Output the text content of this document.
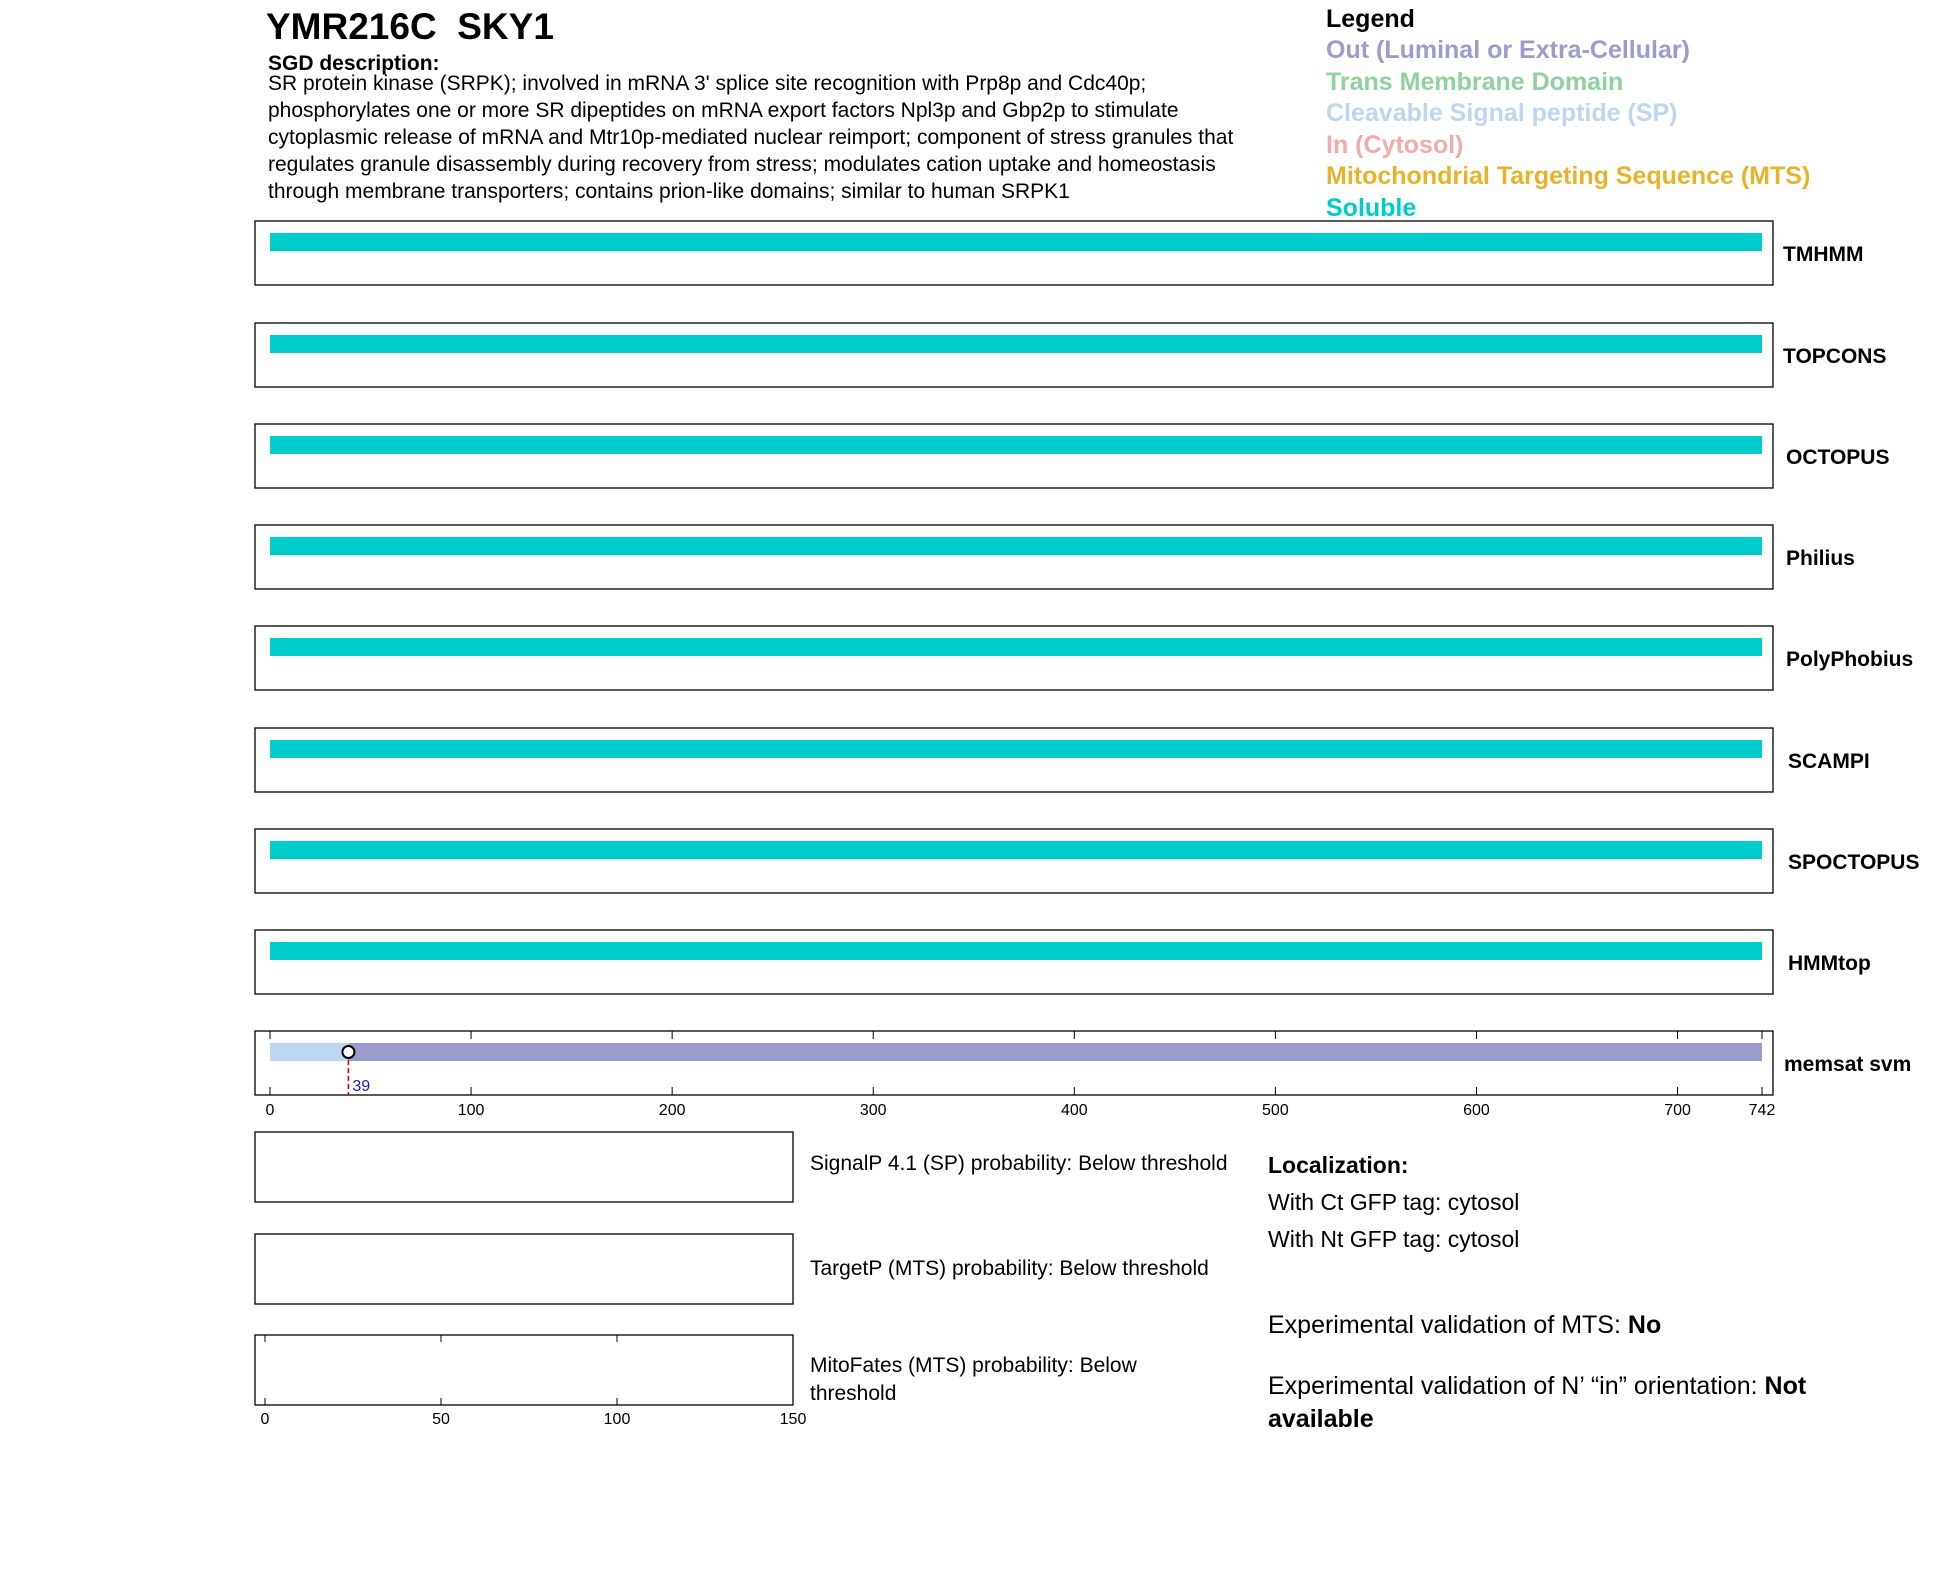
YMR216C SKY1
SGD description:
SR protein kinase (SRPK); involved in mRNA 3' splice site recognition with Prp8p and Cdc40p; phosphorylates one or more SR dipeptides on mRNA export factors Npl3p and Gbp2p to stimulate cytoplasmic release of mRNA and Mtr10p-mediated nuclear reimport; component of stress granules that regulates granule disassembly during recovery from stress; modulates cation uptake and homeostasis through membrane transporters; contains prion-like domains; similar to human SRPK1
Legend
Out (Luminal or Extra-Cellular)
Trans Membrane Domain
Cleavable Signal peptide (SP)
In (Cytosol)
Mitochondrial Targeting Sequence (MTS)
Soluble
TMHMM
TOPCONS
OCTOPUS
Philius
PolyPhobius
SCAMPI
SPOCTOPUS
HMMtop
memsat svm
39
0	100	200	300	400	500	600	700	742
0	50	100	150
SignalP 4.1 (SP) probability: Below threshold
TargetP (MTS) probability: Below threshold
MitoFates (MTS) probability: Below threshold
Localization:
With Ct GFP tag: cytosol
With Nt GFP tag: cytosol
Experimental validation of MTS: No
Experimental validation of N’ “in” orientation: Not available
